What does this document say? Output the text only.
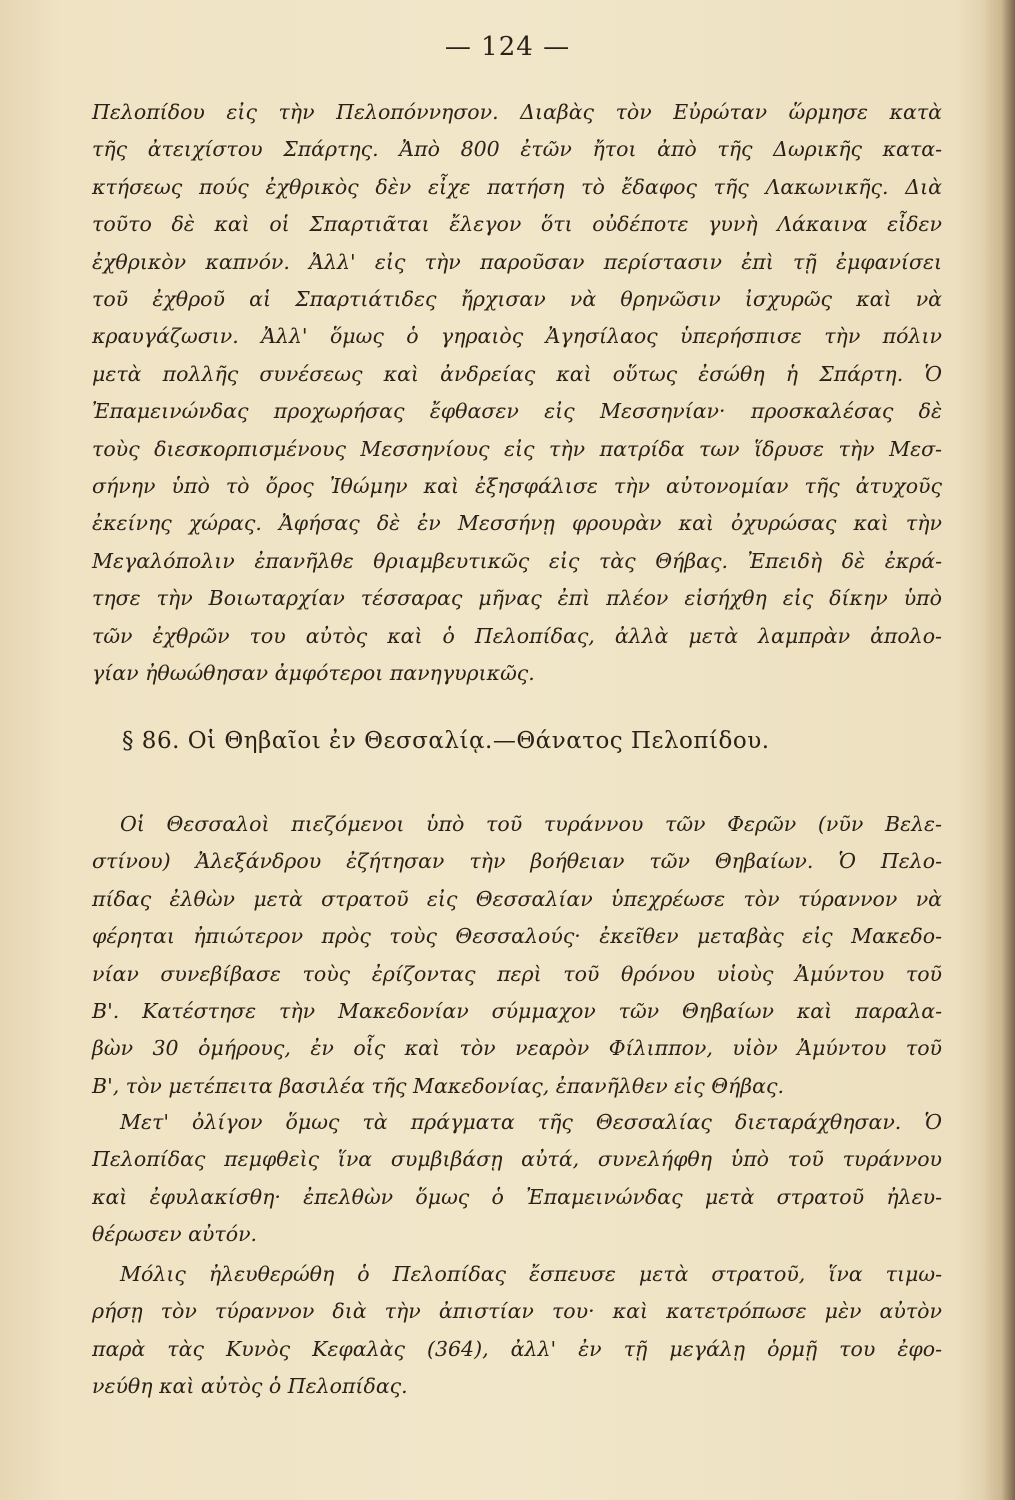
— 124 —
Πελοπίδου εἰς τὴν Πελοπόννησον. Διαβὰς τὸν Εὐρώταν ὥρμησε κατὰ
τῆς ἀτειχίστου Σπάρτης. Ἀπὸ 800 ἐτῶν ἤτοι ἀπὸ τῆς Δωρικῆς κατα-
κτήσεως πούς ἐχθρικὸς δὲν εἶχε πατήση τὸ ἔδαφος τῆς Λακωνικῆς. Διὰ
τοῦτο δὲ καὶ οἱ Σπαρτιᾶται ἔλεγον ὅτι οὐδέποτε γυνὴ Λάκαινα εἶδεν
ἐχθρικὸν καπνόν. Ἀλλ' εἰς τὴν παροῦσαν περίστασιν ἐπὶ τῇ ἐμφανίσει
τοῦ ἐχθροῦ αἱ Σπαρτιάτιδες ἤρχισαν νὰ θρηνῶσιν ἰσχυρῶς καὶ νὰ
κραυγάζωσιν. Ἀλλ' ὅμως ὁ γηραιὸς Ἀγησίλαος ὑπερήσπισε τὴν πόλιν
μετὰ πολλῆς συνέσεως καὶ ἀνδρείας καὶ οὕτως ἐσώθη ἡ Σπάρτη. Ὁ
Ἐπαμεινώνδας προχωρήσας ἔφθασεν εἰς Μεσσηνίαν· προσκαλέσας δὲ
τοὺς διεσκορπισμένους Μεσσηνίους εἰς τὴν πατρίδα των ἵδρυσε τὴν Μεσ-
σήνην ὑπὸ τὸ ὄρος Ἰθώμην καὶ ἐξησφάλισε τὴν αὐτονομίαν τῆς ἀτυχοῦς
ἐκείνης χώρας. Ἀφήσας δὲ ἐν Μεσσήνῃ φρουρὰν καὶ ὀχυρώσας καὶ τὴν
Μεγαλόπολιν ἐπανῆλθε θριαμβευτικῶς εἰς τὰς Θήβας. Ἐπειδὴ δὲ ἐκρά-
τησε τὴν Βοιωταρχίαν τέσσαρας μῆνας ἐπὶ πλέον εἰσήχθη εἰς δίκην ὑπὸ
τῶν ἐχθρῶν του αὐτὸς καὶ ὁ Πελοπίδας, ἀλλὰ μετὰ λαμπρὰν ἀπολο-
γίαν ἠθωώθησαν ἀμφότεροι πανηγυρικῶς.
§ 86. Οἱ Θηβαῖοι ἐν Θεσσαλίᾳ.—Θάνατος Πελοπίδου.
Οἱ Θεσσαλοὶ πιεζόμενοι ὑπὸ τοῦ τυράννου τῶν Φερῶν (νῦν Βελε-
στίνου) Ἀλεξάνδρου ἐζήτησαν τὴν βοήθειαν τῶν Θηβαίων. Ὁ Πελο-
πίδας ἐλθὼν μετὰ στρατοῦ εἰς Θεσσαλίαν ὑπεχρέωσε τὸν τύραννον νὰ
φέρηται ἠπιώτερον πρὸς τοὺς Θεσσαλούς· ἐκεῖθεν μεταβὰς εἰς Μακεδο-
νίαν συνεβίβασε τοὺς ἐρίζοντας περὶ τοῦ θρόνου υἱοὺς Ἀμύντου τοῦ
Β'. Κατέστησε τὴν Μακεδονίαν σύμμαχον τῶν Θηβαίων καὶ παραλα-
βὼν 30 ὁμήρους, ἐν οἷς καὶ τὸν νεαρὸν Φίλιππον, υἱὸν Ἀμύντου τοῦ
Β', τὸν μετέπειτα βασιλέα τῆς Μακεδονίας, ἐπανῆλθεν εἰς Θήβας.
Μετ' ὀλίγον ὅμως τὰ πράγματα τῆς Θεσσαλίας διεταράχθησαν. Ὁ
Πελοπίδας πεμφθεὶς ἵνα συμβιβάσῃ αὐτά, συνελήφθη ὑπὸ τοῦ τυράννου
καὶ ἐφυλακίσθη· ἐπελθὼν ὅμως ὁ Ἐπαμεινώνδας μετὰ στρατοῦ ἠλευ-
θέρωσεν αὐτόν.
Μόλις ἠλευθερώθη ὁ Πελοπίδας ἔσπευσε μετὰ στρατοῦ, ἵνα τιμω-
ρήσῃ τὸν τύραννον διὰ τὴν ἀπιστίαν του· καὶ κατετρόπωσε μὲν αὐτὸν
παρὰ τὰς Κυνὸς Κεφαλὰς (364), ἀλλ' ἐν τῇ μεγάλῃ ὁρμῇ του ἐφο-
νεύθη καὶ αὐτὸς ὁ Πελοπίδας.
